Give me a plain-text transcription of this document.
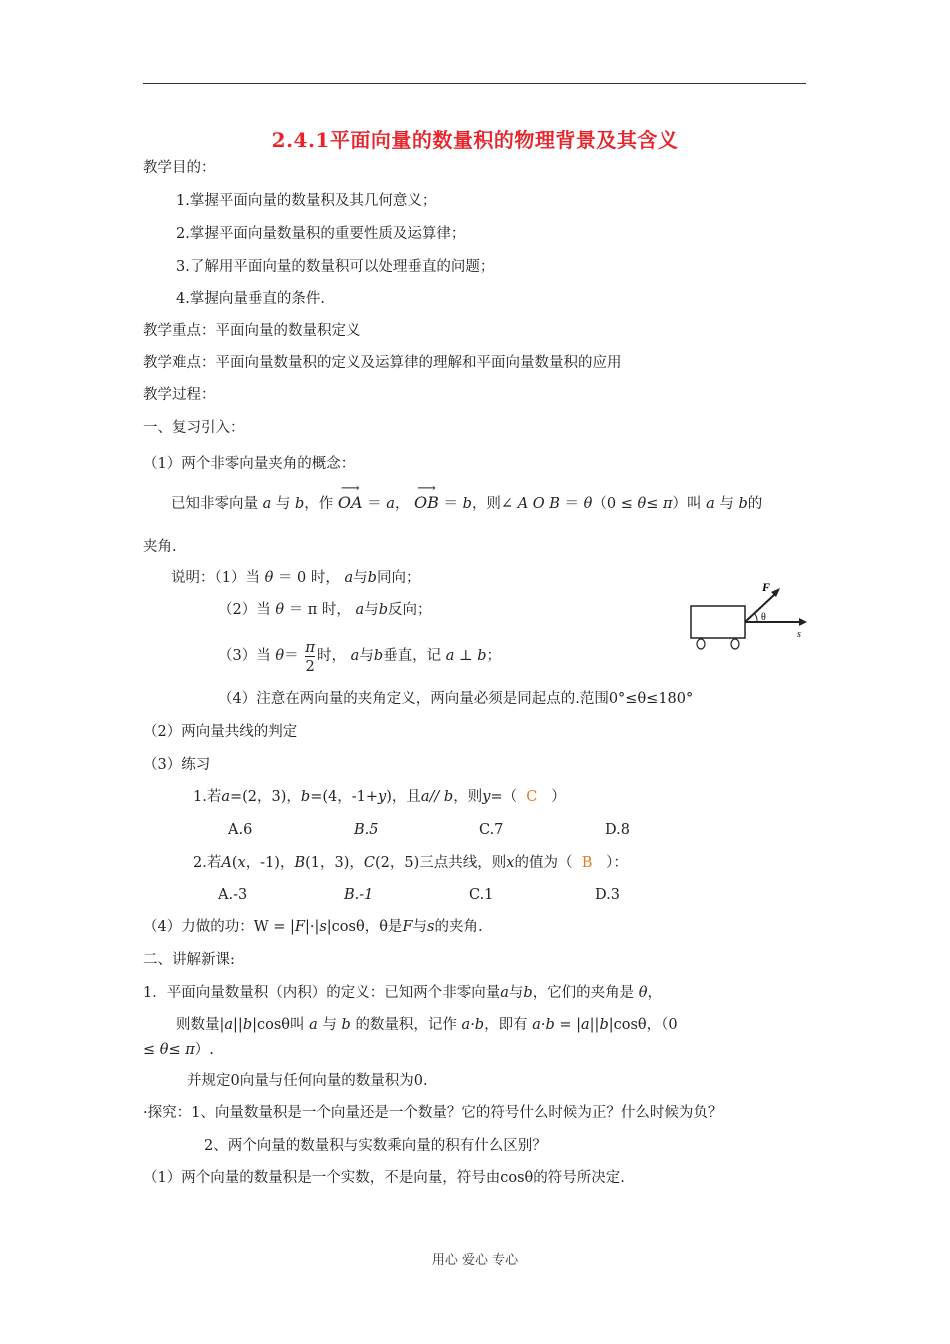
2.4.1平面向量的数量积的物理背景及其含义
教学目的：
1.掌握平面向量的数量积及其几何意义；
2.掌握平面向量数量积的重要性质及运算律；
3.了解用平面向量的数量积可以处理垂直的问题；
4.掌握向量垂直的条件.
教学重点：平面向量的数量积定义
教学难点：平面向量数量积的定义及运算律的理解和平面向量数量积的应用
教学过程：
一、复习引入：
（1）两个非零向量夹角的概念：
已知非零向量 a 与 b，作 ⟶ OA ＝ a， ⟶ OB ＝ b，则∠ A O B ＝ θ（0 ≤ θ≤ π）叫 a 与 b的
夹角.
说明：（1）当 θ ＝ 0 时， a与b同向；
（2）当 θ ＝ π 时， a与b反向；
（3）当 $\theta= \frac{\pi}{2}$ 时， a与b垂直，记 a ⊥ b；
（4）注意在两向量的夹角定义，两向量必须是同起点的.范围0°≤θ≤180°
F
θ
s
（2）两向量共线的判定
（3）练习
1.若a=(2，3)，b=(4，-1+y)，且a// b，则y=（ C ）
A.6	B.5	C.7	D.8
2.若A(x，-1)，B(1，3)，C(2，5)三点共线，则x的值为（ B ）：
A.-3	B.-1	C.1	D.3
（4）力做的功：W = |F|·|s|cosθ，θ是F与s的夹角.
二、讲解新课:
1．平面向量数量积（内积）的定义：已知两个非零向量a与b，它们的夹角是 θ，
则数量|a||b|cosθ叫 a 与 b 的数量积，记作 a·b，即有 a·b = |a||b|cosθ，（0
≤ θ≤ π）.
并规定0向量与任何向量的数量积为0.
·探究：1、向量数量积是一个向量还是一个数量？它的符号什么时候为正？什么时候为负？
2、两个向量的数量积与实数乘向量的积有什么区别？
（1）两个向量的数量积是一个实数，不是向量，符号由cosθ的符号所决定.
用心 爱心 专心
